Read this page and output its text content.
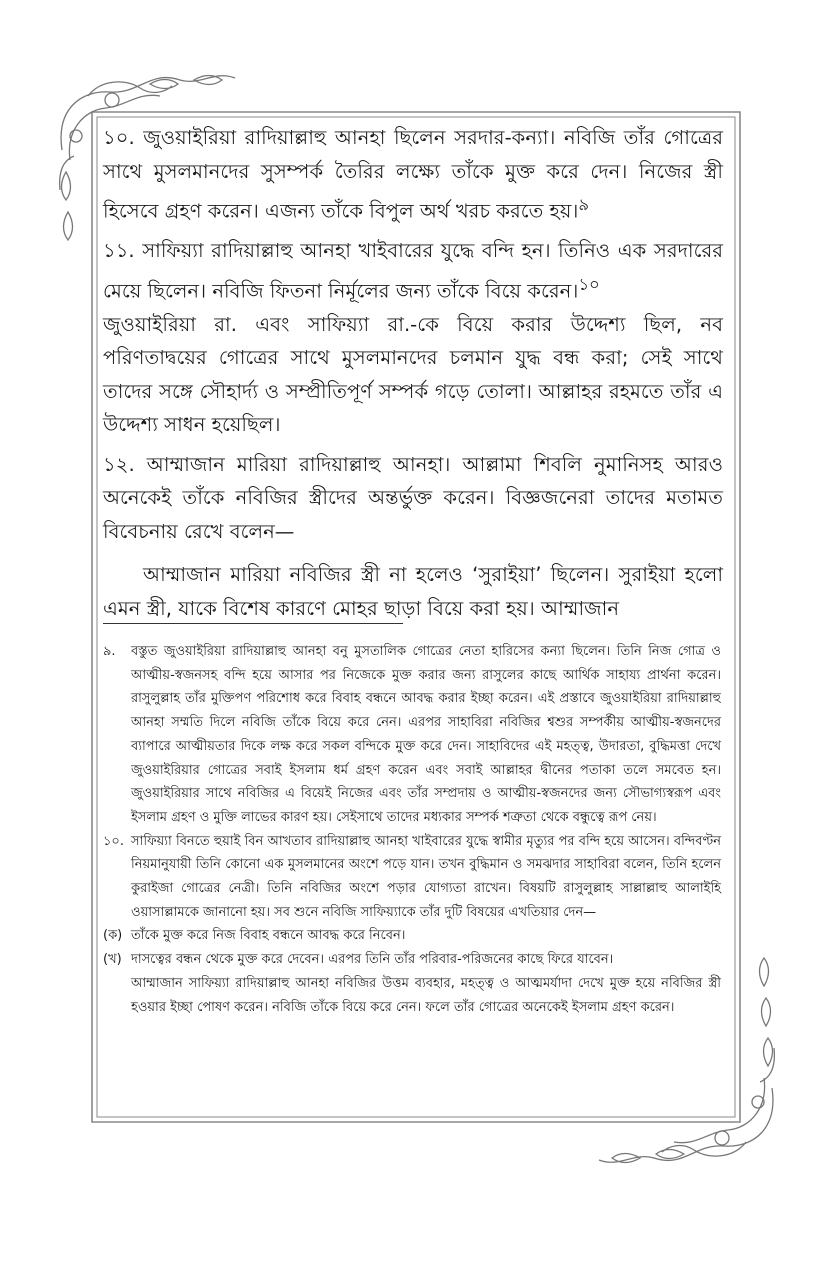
১০. জুওয়াইরিয়া রাদিয়াল্লাহু আনহা ছিলেন সরদার-কন্যা। নবিজি তাঁর গোত্রের সাথে মুসলমানদের সুসম্পর্ক তৈরির লক্ষ্যে তাঁকে মুক্ত করে দেন। নিজের স্ত্রী হিসেবে গ্রহণ করেন। এজন্য তাঁকে বিপুল অর্থ খরচ করতে হয়।$^৯$

১১. সাফিয়্যা রাদিয়াল্লাহু আনহা খাইবারের যুদ্ধে বন্দি হন। তিনিও এক সরদারের মেয়ে ছিলেন। নবিজি ফিতনা নির্মূলের জন্য তাঁকে বিয়ে করেন।$^{১০}$

জুওয়াইরিয়া রা. এবং সাফিয়্যা রা.-কে বিয়ে করার উদ্দেশ্য ছিল, নব পরিণতাদ্বয়ের গোত্রের সাথে মুসলমানদের চলমান যুদ্ধ বন্ধ করা; সেই সাথে তাদের সঙ্গে সৌহার্দ্য ও সম্প্রীতিপূর্ণ সম্পর্ক গড়ে তোলা। আল্লাহর রহমতে তাঁর এ উদ্দেশ্য সাধন হয়েছিল।

১২. আম্মাজান মারিয়া রাদিয়াল্লাহু আনহা। আল্লামা শিবলি নুমানিসহ আরও অনেকেই তাঁকে নবিজির স্ত্রীদের অন্তর্ভুক্ত করেন। বিজ্ঞজনেরা তাদের মতামত বিবেচনায় রেখে বলেন—

আম্মাজান মারিয়া নবিজির স্ত্রী না হলেও ‘সুরাইয়া’ ছিলেন। সুরাইয়া হলো এমন স্ত্রী, যাকে বিশেষ কারণে মোহর ছাড়া বিয়ে করা হয়। আম্মাজান

৯.	বস্তুত জুওয়াইরিয়া রাদিয়াল্লাহু আনহা বনু মুসতালিক গোত্রের নেতা হারিসের কন্যা ছিলেন। তিনি নিজ গোত্র ও আত্মীয়-স্বজনসহ বন্দি হয়ে আসার পর নিজেকে মুক্ত করার জন্য রাসুলের কাছে আর্থিক সাহায্য প্রার্থনা করেন। রাসুলুল্লাহ তাঁর মুক্তিপণ পরিশোধ করে বিবাহ বন্ধনে আবদ্ধ করার ইচ্ছা করেন। এই প্রস্তাবে জুওয়াইরিয়া রাদিয়াল্লাহু আনহা সম্মতি দিলে নবিজি তাঁকে বিয়ে করে নেন। এরপর সাহাবিরা নবিজির শ্বশুর সম্পর্কীয় আত্মীয়-স্বজনদের ব্যাপারে আত্মীয়তার দিকে লক্ষ করে সকল বন্দিকে মুক্ত করে দেন। সাহাবিদের এই মহত্ত্ব, উদারতা, বুদ্ধিমত্তা দেখে জুওয়াইরিয়ার গোত্রের সবাই ইসলাম ধর্ম গ্রহণ করেন এবং সবাই আল্লাহর দ্বীনের পতাকা তলে সমবেত হন। জুওয়াইরিয়ার সাথে নবিজির এ বিয়েই নিজের এবং তাঁর সম্প্রদায় ও আত্মীয়-স্বজনদের জন্য সৌভাগ্যস্বরূপ এবং ইসলাম গ্রহণ ও মুক্তি লাভের কারণ হয়। সেইসাথে তাদের মধ্যকার সম্পর্ক শত্রুতা থেকে বন্ধুত্বে রূপ নেয়।
১০. সাফিয়্যা বিনতে হুয়াই বিন আখতাব রাদিয়াল্লাহু আনহা খাইবারের যুদ্ধে স্বামীর মৃত্যুর পর বন্দি হয়ে আসেন। বন্দিবণ্টন নিয়মানুযায়ী তিনি কোনো এক মুসলমানের অংশে পড়ে যান। তখন বুদ্ধিমান ও সমঝদার সাহাবিরা বলেন, তিনি হলেন কুরাইজা গোত্রের নেত্রী। তিনি নবিজির অংশে পড়ার যোগ্যতা রাখেন। বিষয়টি রাসুলুল্লাহ সাল্লাল্লাহু আলাইহি ওয়াসাল্লামকে জানানো হয়। সব শুনে নবিজি সাফিয়্যাকে তাঁর দুটি বিষয়ের এখতিয়ার দেন—
(ক) তাঁকে মুক্ত করে নিজ বিবাহ বন্ধনে আবদ্ধ করে নিবেন।
(খ) দাসত্বের বন্ধন থেকে মুক্ত করে দেবেন। এরপর তিনি তাঁর পরিবার-পরিজনের কাছে ফিরে যাবেন।
আম্মাজান সাফিয়্যা রাদিয়াল্লাহু আনহা নবিজির উত্তম ব্যবহার, মহত্ত্ব ও আত্মমর্যাদা দেখে মুক্ত হয়ে নবিজির স্ত্রী হওয়ার ইচ্ছা পোষণ করেন। নবিজি তাঁকে বিয়ে করে নেন। ফলে তাঁর গোত্রের অনেকেই ইসলাম গ্রহণ করেন।
